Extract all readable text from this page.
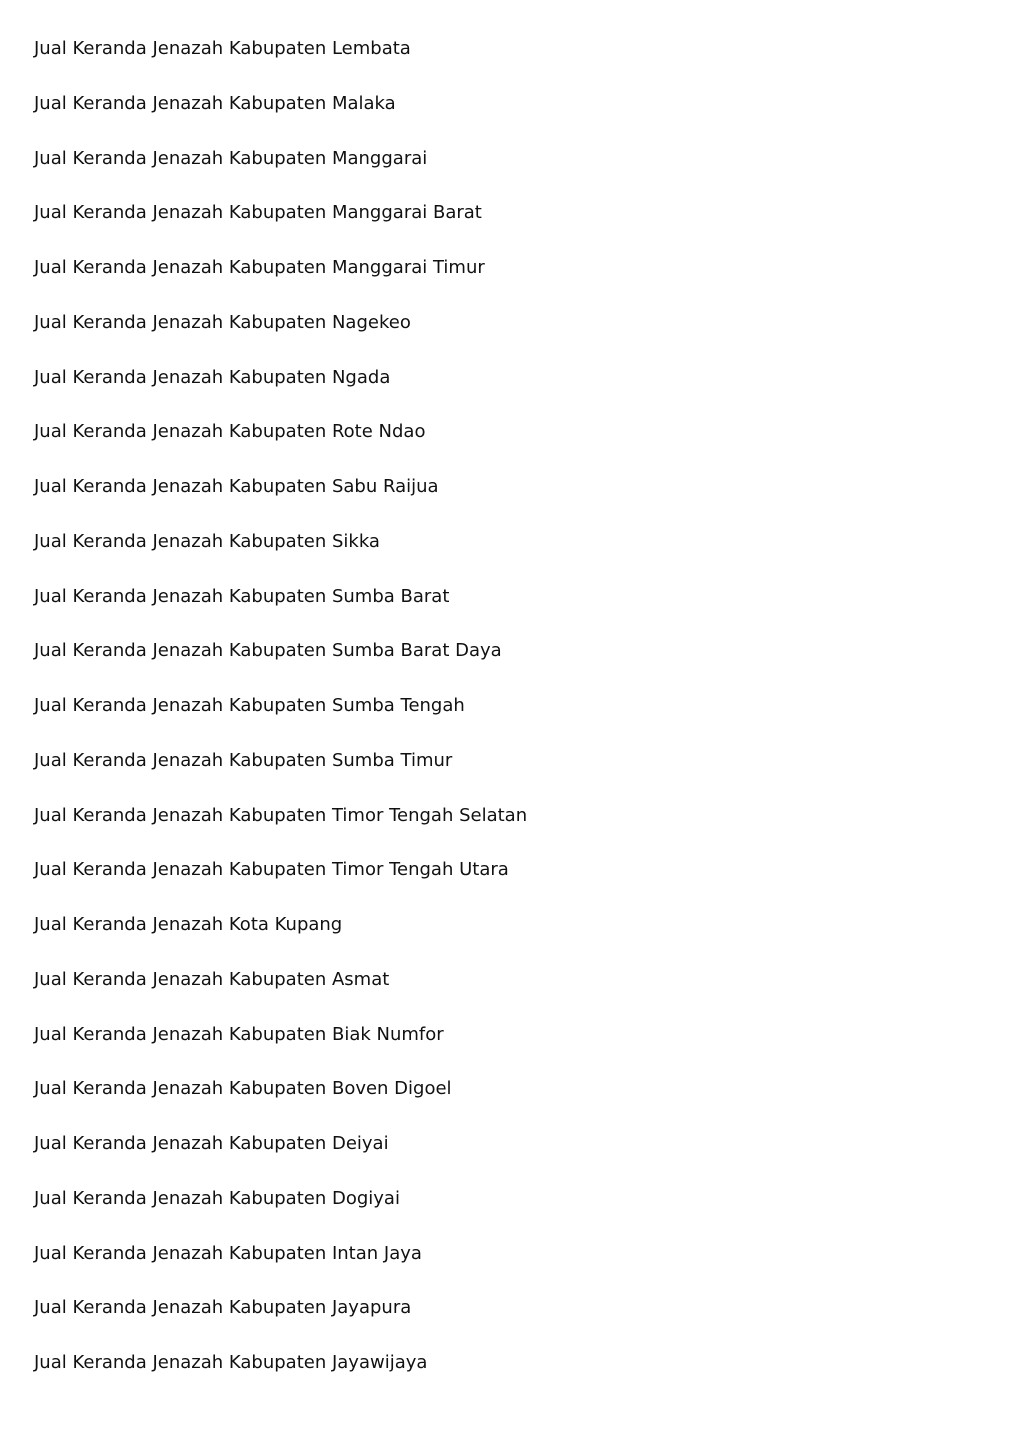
Jual Keranda Jenazah Kabupaten Lembata
Jual Keranda Jenazah Kabupaten Malaka
Jual Keranda Jenazah Kabupaten Manggarai
Jual Keranda Jenazah Kabupaten Manggarai Barat
Jual Keranda Jenazah Kabupaten Manggarai Timur
Jual Keranda Jenazah Kabupaten Nagekeo
Jual Keranda Jenazah Kabupaten Ngada
Jual Keranda Jenazah Kabupaten Rote Ndao
Jual Keranda Jenazah Kabupaten Sabu Raijua
Jual Keranda Jenazah Kabupaten Sikka
Jual Keranda Jenazah Kabupaten Sumba Barat
Jual Keranda Jenazah Kabupaten Sumba Barat Daya
Jual Keranda Jenazah Kabupaten Sumba Tengah
Jual Keranda Jenazah Kabupaten Sumba Timur
Jual Keranda Jenazah Kabupaten Timor Tengah Selatan
Jual Keranda Jenazah Kabupaten Timor Tengah Utara
Jual Keranda Jenazah Kota Kupang
Jual Keranda Jenazah Kabupaten Asmat
Jual Keranda Jenazah Kabupaten Biak Numfor
Jual Keranda Jenazah Kabupaten Boven Digoel
Jual Keranda Jenazah Kabupaten Deiyai
Jual Keranda Jenazah Kabupaten Dogiyai
Jual Keranda Jenazah Kabupaten Intan Jaya
Jual Keranda Jenazah Kabupaten Jayapura
Jual Keranda Jenazah Kabupaten Jayawijaya
